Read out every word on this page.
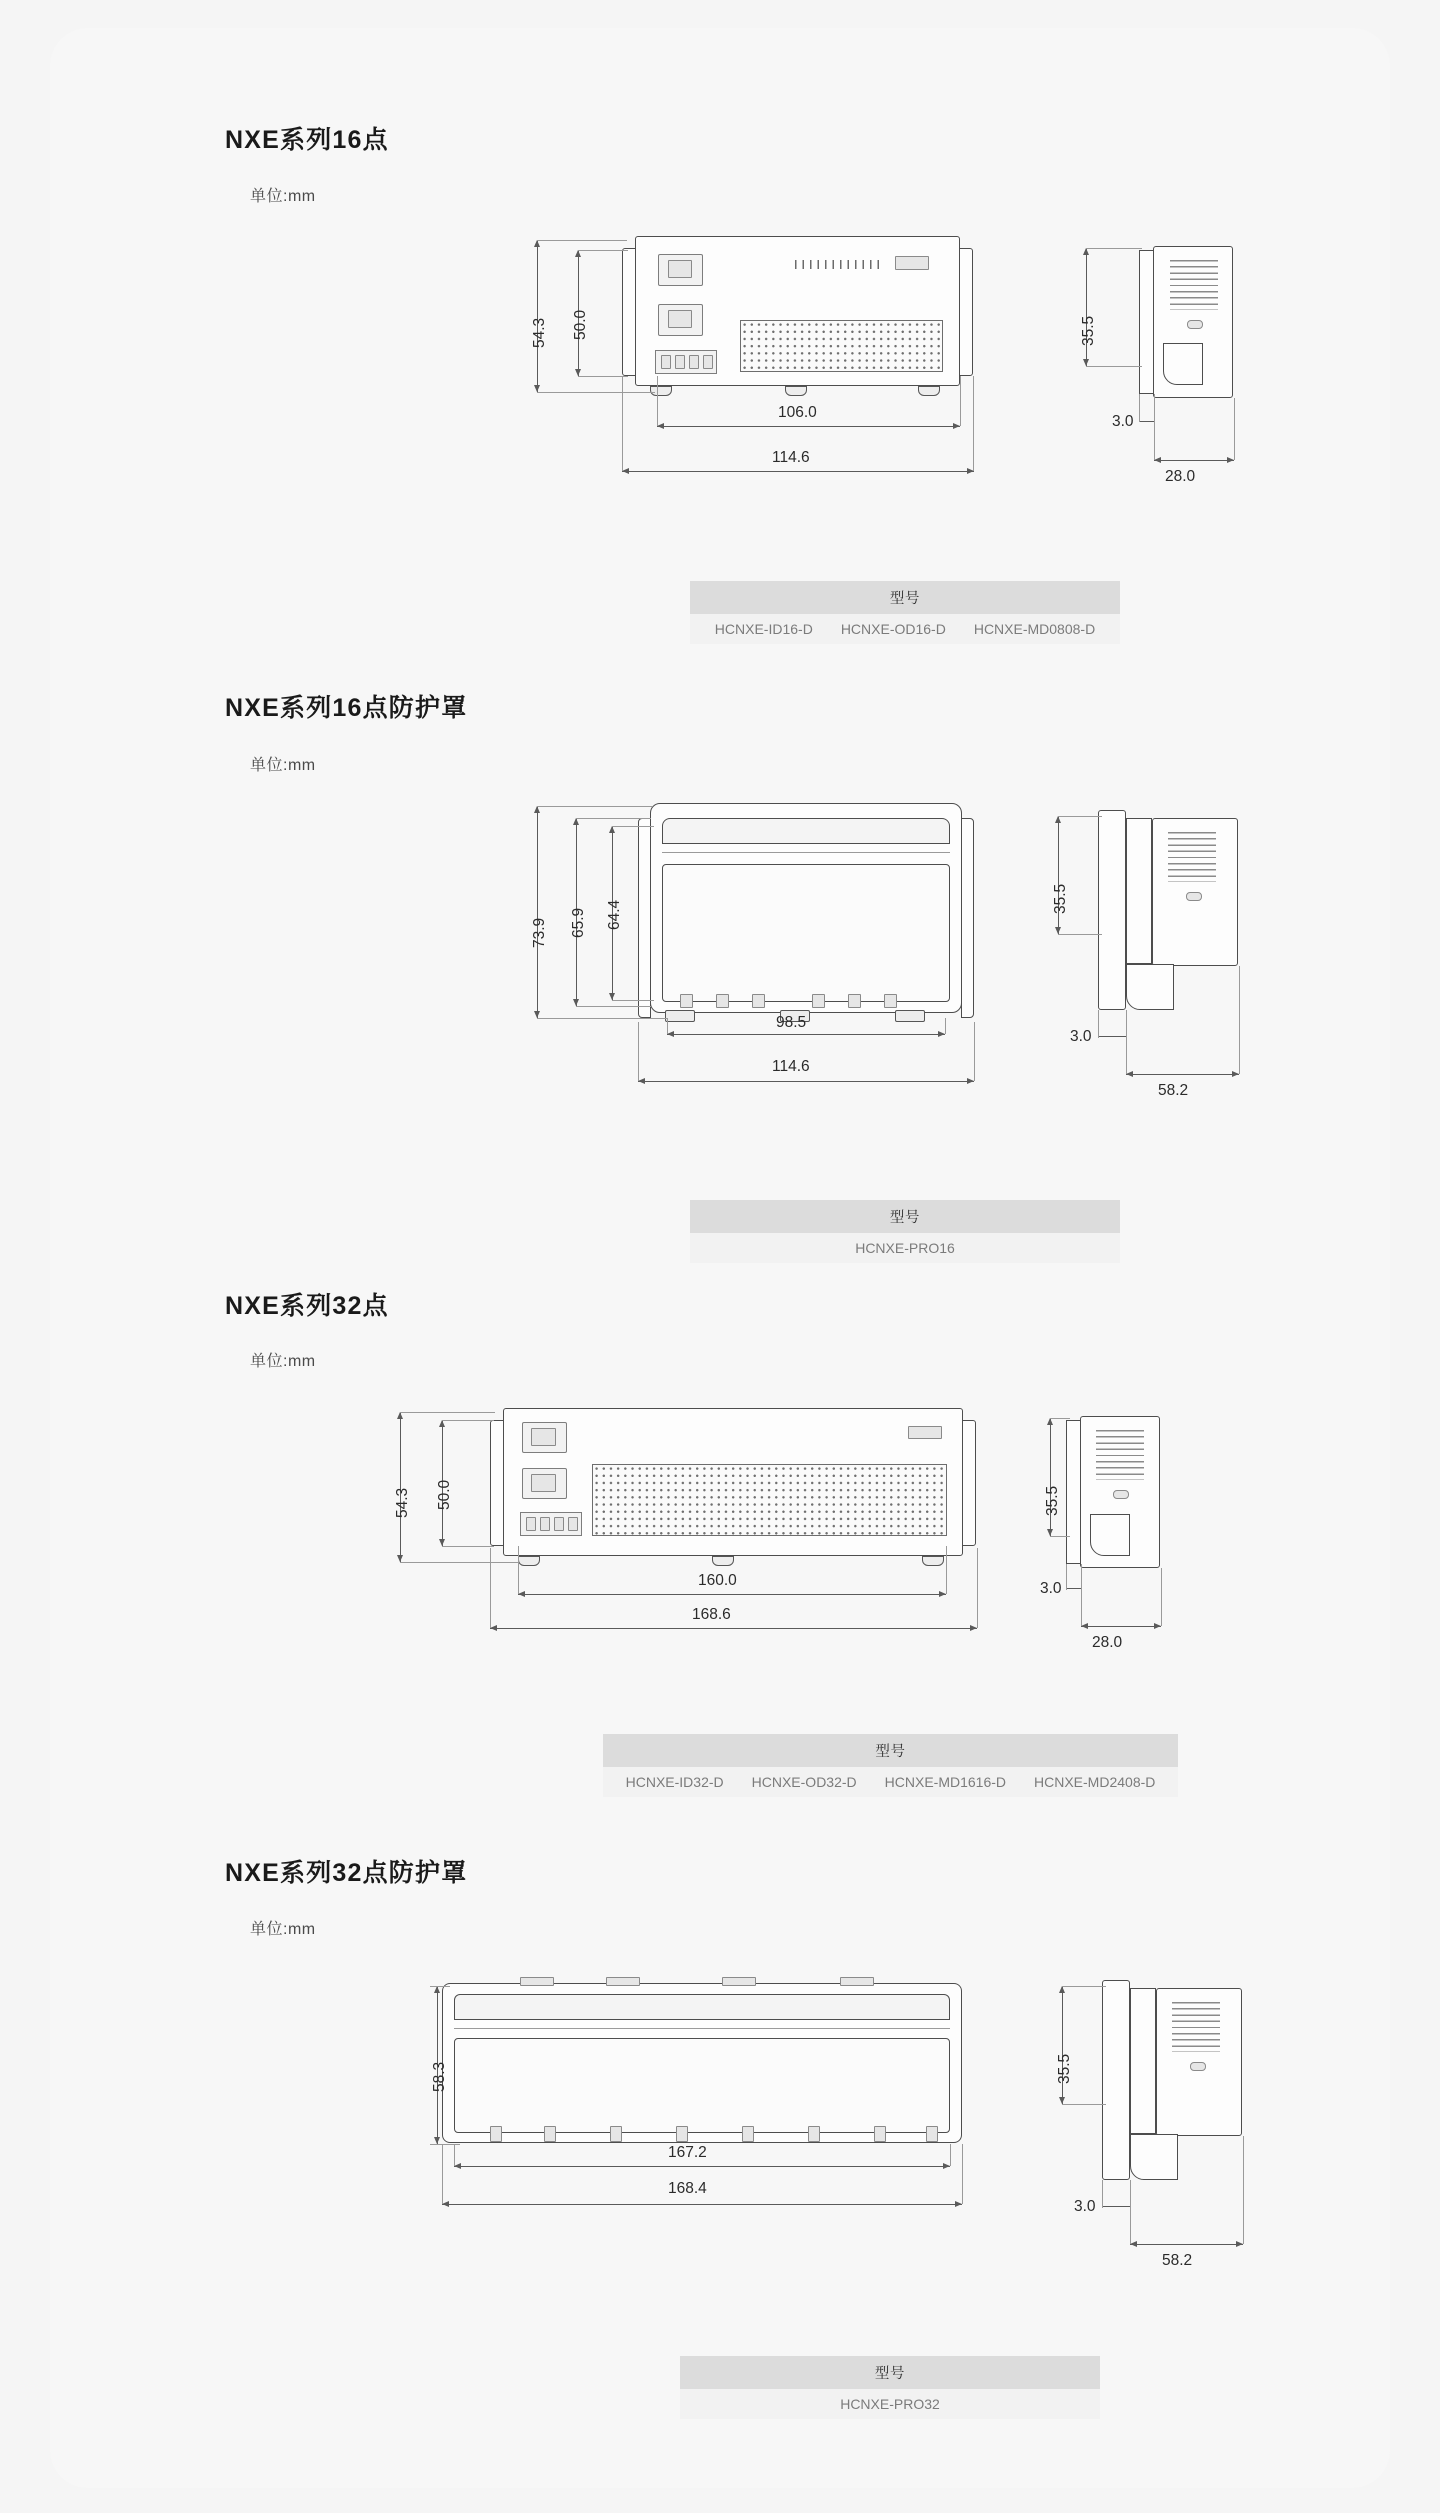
NXE系列16点
单位:mm
54.3 50.0
106.0
114.6
35.5
3.0
28.0
型号
HCNXE-ID16-D HCNXE-OD16-D HCNXE-MD0808-D
NXE系列16点防护罩
单位:mm
73.9 65.9 64.4
98.5
114.6
35.5
3.0
58.2
型号
HCNXE-PRO16
NXE系列32点
单位:mm
54.3 50.0
160.0
168.6
35.5
3.0
28.0
型号
HCNXE-ID32-D HCNXE-OD32-D HCNXE-MD1616-D HCNXE-MD2408-D
NXE系列32点防护罩
单位:mm
58.3
167.2
168.4
35.5
3.0
58.2
型号
HCNXE-PRO32
